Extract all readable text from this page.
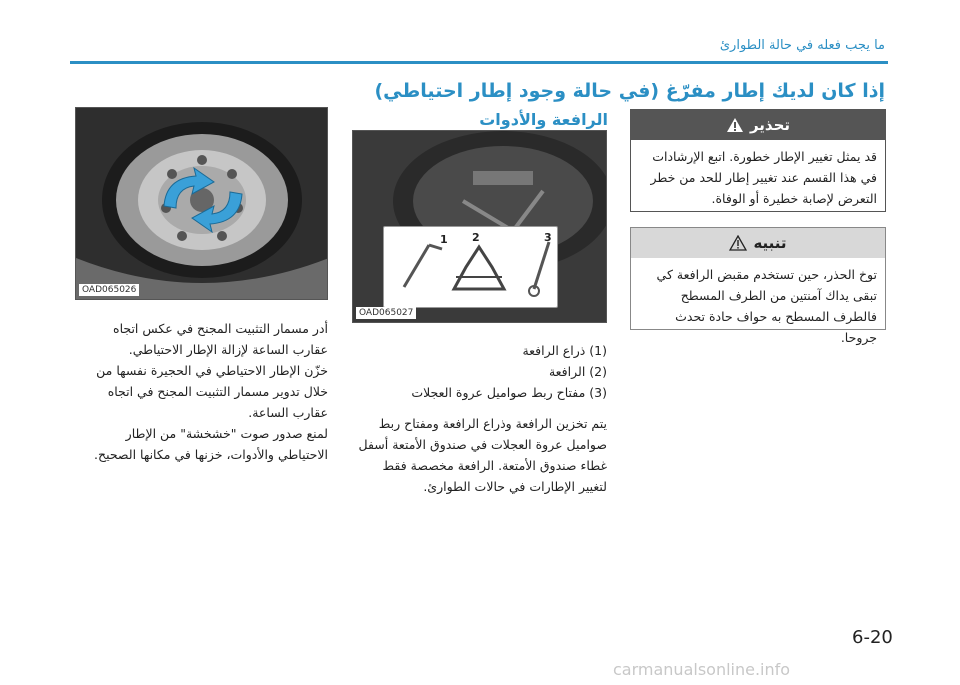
ما يجب فعله في حالة الطوارئ
إذا كان لديك إطار مفرّغ (في حالة وجود إطار احتياطي)
الرافعة والأدوات
OAD065026
1 2	3
OAD065027

أدر مسمار التثبيت المجنح في عكس اتجاه عقارب الساعة لإزالة الإطار الاحتياطي.

خزّن الإطار الاحتياطي في الحجيرة نفسها من خلال تدوير مسمار التثبيت المجنح في اتجاه عقارب الساعة.

لمنع صدور صوت "خشخشة" من الإطار الاحتياطي والأدوات، خزنها في مكانها الصحيح.

(1) ذراع الرافعة
(2) الرافعة
(3) مفتاح ربط صواميل عروة العجلات

يتم تخزين الرافعة وذراع الرافعة ومفتاح ربط صواميل عروة العجلات في صندوق الأمتعة أسفل غطاء صندوق الأمتعة. الرافعة مخصصة فقط لتغيير الإطارات في حالات الطوارئ.

تحذير
قد يمثل تغيير الإطار خطورة. اتبع الإرشادات في هذا القسم عند تغيير إطار للحد من خطر التعرض لإصابة خطيرة أو الوفاة.
تنبيه
توخ الحذر، حين تستخدم مقبض الرافعة كي تبقى يداك آمنتين من الطرف المسطح فالطرف المسطح به حواف حادة تحدث جروحا.
6-20
carmanualsonline.info
